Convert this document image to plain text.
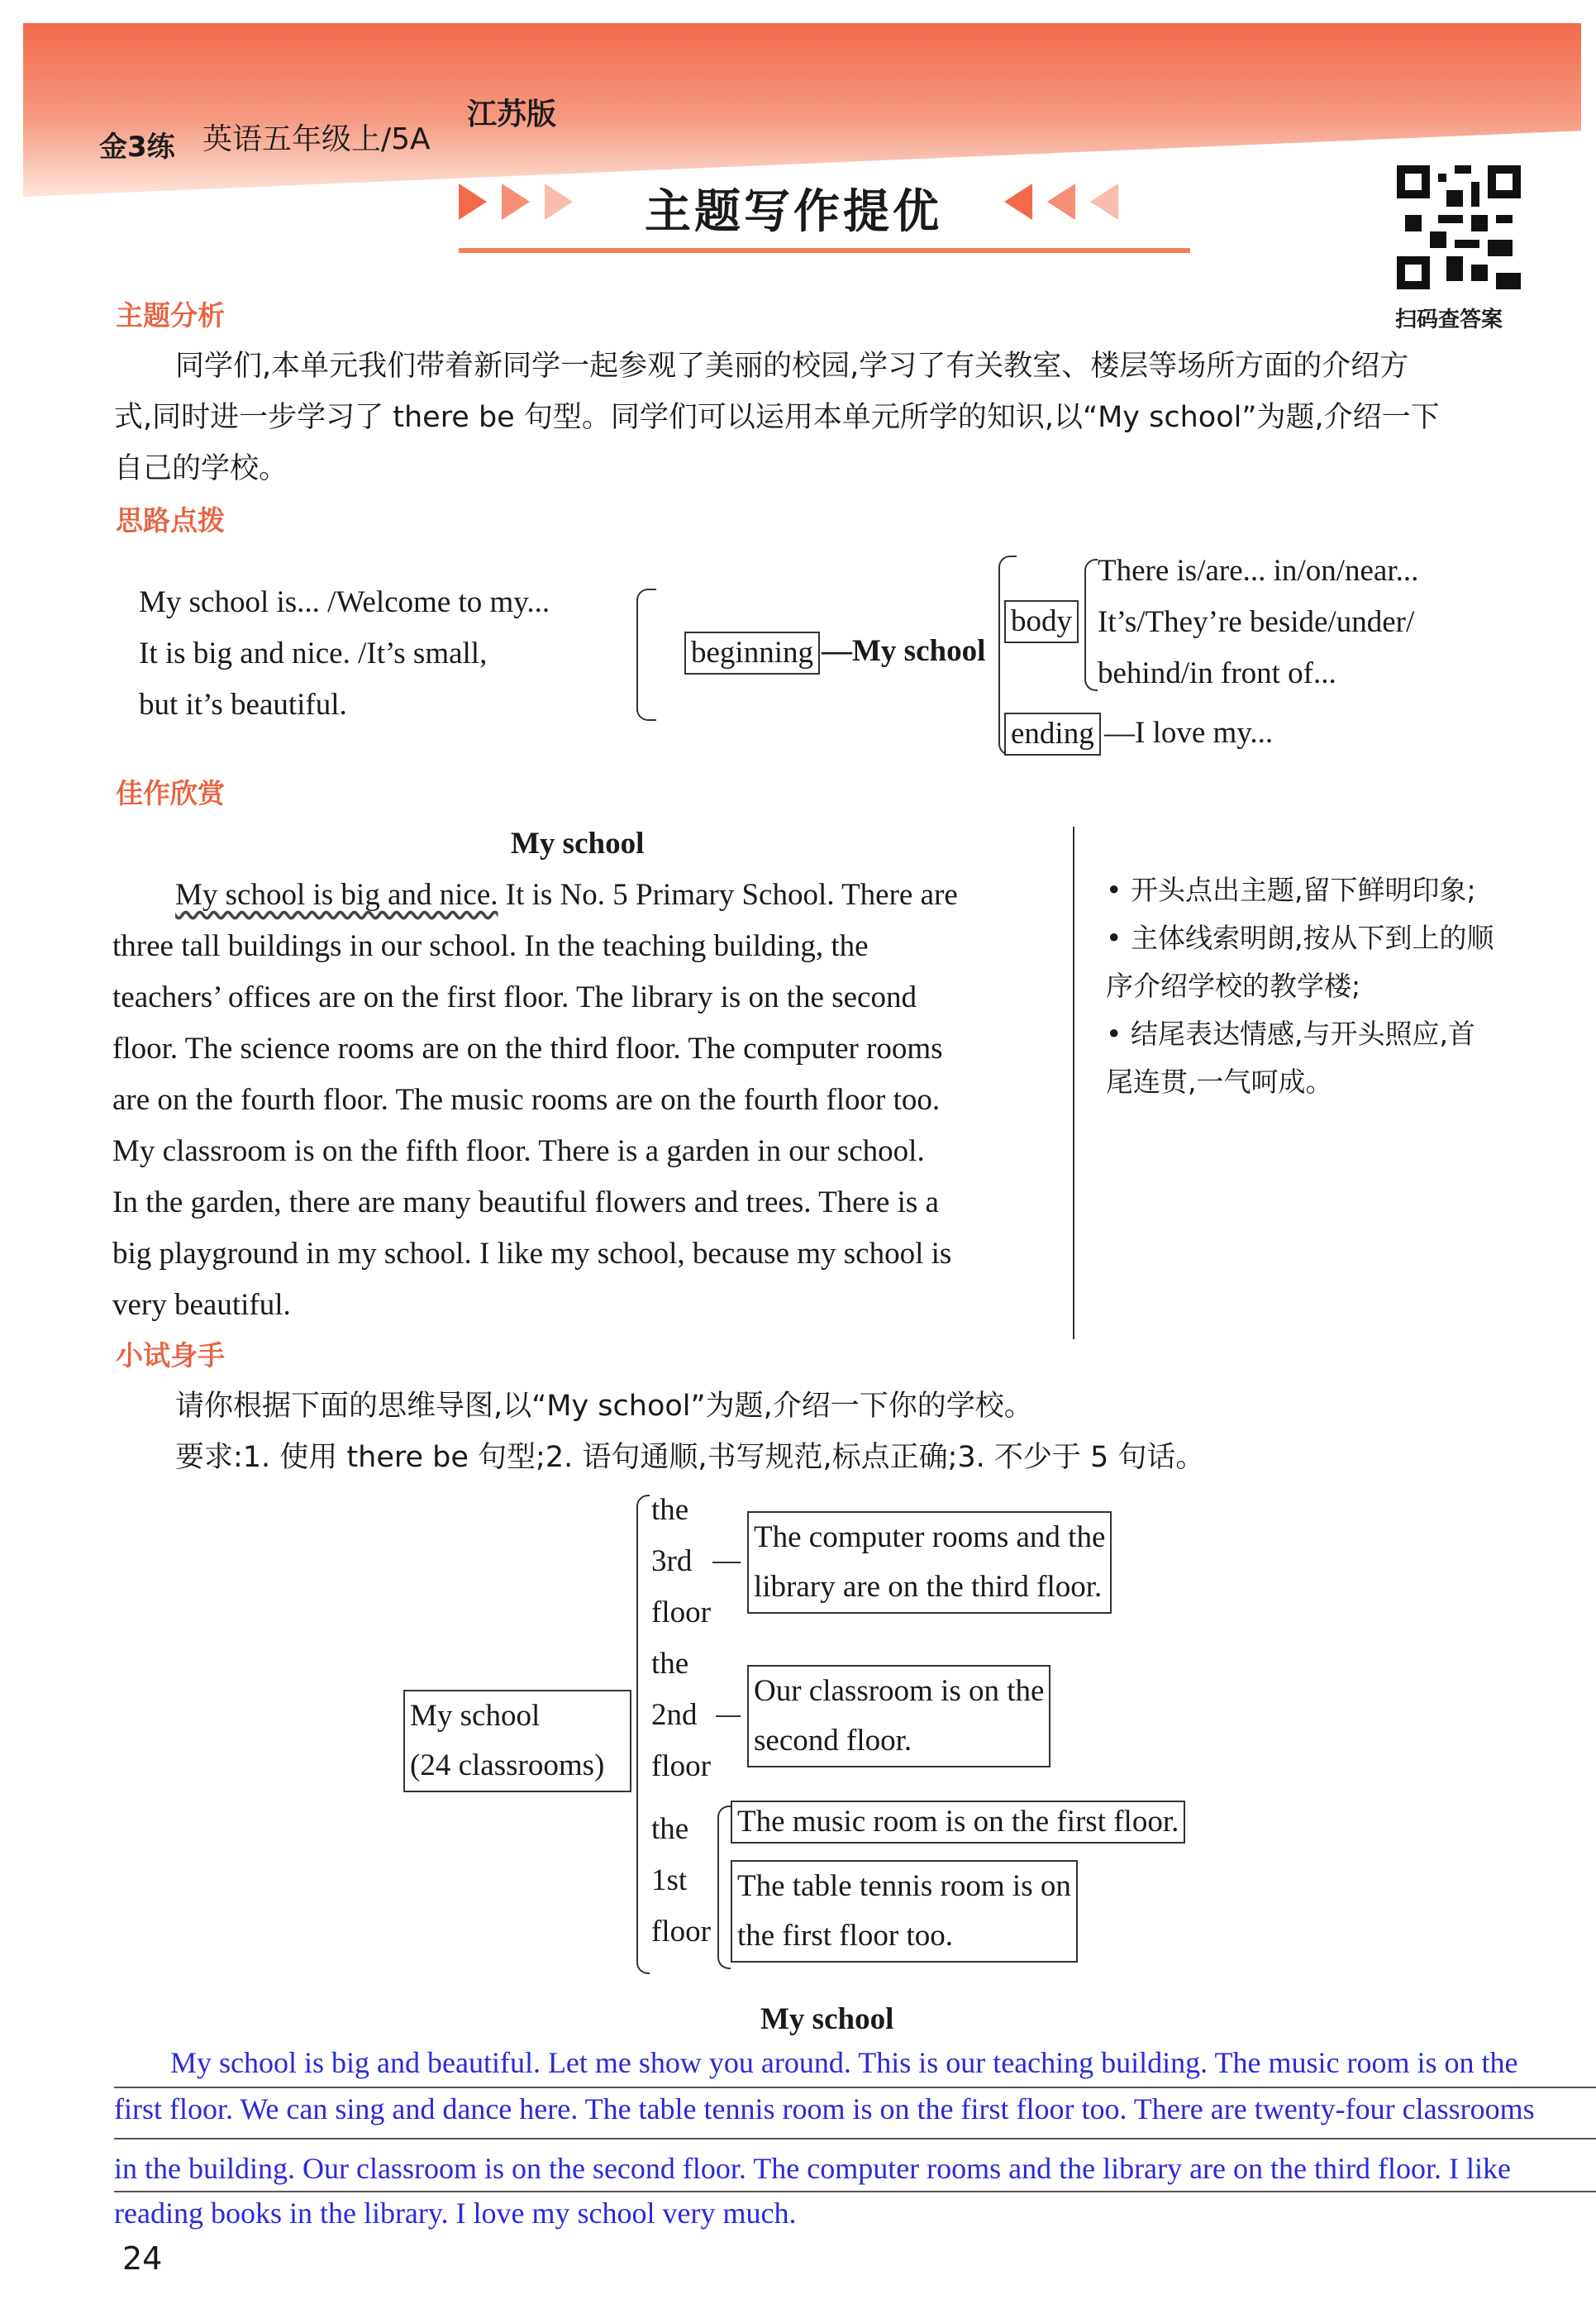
金3练 英语五年级上/5A
江苏版
主题写作提优
扫码查答案
主题分析
同学们,本单元我们带着新同学一起参观了美丽的校园,学习了有关教室、楼层等场所方面的介绍方
式,同时进一步学习了 there be 句型。同学们可以运用本单元所学的知识,以“My school”为题,介绍一下
自己的学校。
思路点拨
My school is... /Welcome to my...
It is big and nice. /It’s small,
but it’s beautiful.
beginning —My school
body
There is/are... in/on/near...
It’s/They’re beside/under/
behind/in front of...
ending —I love my...
佳作欣赏
My school
My school is big and nice. It is No. 5 Primary School. There are
three tall buildings in our school. In the teaching building, the
teachers’ offices are on the first floor. The library is on the second
floor. The science rooms are on the third floor. The computer rooms
are on the fourth floor. The music rooms are on the fourth floor too.
My classroom is on the fifth floor. There is a garden in our school.
In the garden, there are many beautiful flowers and trees. There is a
big playground in my school. I like my school, because my school is
very beautiful.
• 开头点出主题,留下鲜明印象;
• 主体线索明朗,按从下到上的顺
序介绍学校的教学楼;
• 结尾表达情感,与开头照应,首
尾连贯,一气呵成。
小试身手
请你根据下面的思维导图,以“My school”为题,介绍一下你的学校。
要求:1. 使用 there be 句型;2. 语句通顺,书写规范,标点正确;3. 不少于 5 句话。
My school
(24 classrooms)
the
3rd
floor
The computer rooms and the
library are on the third floor.
the
2nd
floor
Our classroom is on the
second floor.
the
1st
floor
The music room is on the first floor.
The table tennis room is on
the first floor too.
My school
My school is big and beautiful. Let me show you around. This is our teaching building. The music room is on the
first floor. We can sing and dance here. The table tennis room is on the first floor too. There are twenty-four classrooms
in the building. Our classroom is on the second floor. The computer rooms and the library are on the third floor. I like
reading books in the library. I love my school very much.
24
